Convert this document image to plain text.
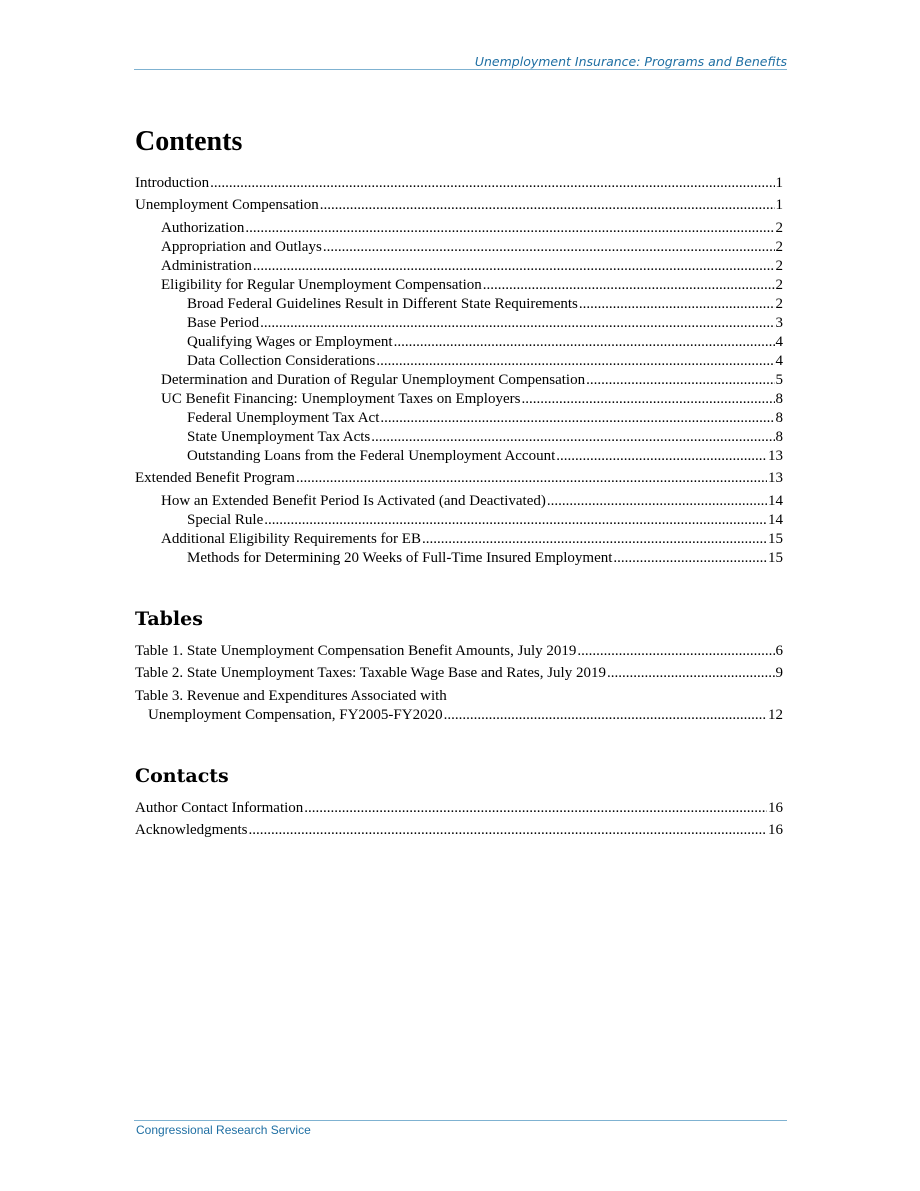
Unemployment Insurance: Programs and Benefits
Contents
Introduction .....	1
Unemployment Compensation .....	1
Authorization .....	2
Appropriation and Outlays .....	2
Administration .....	2
Eligibility for Regular Unemployment Compensation .....	2
Broad Federal Guidelines Result in Different State Requirements .....	2
Base Period .....	3
Qualifying Wages or Employment .....	4
Data Collection Considerations .....	4
Determination and Duration of Regular Unemployment Compensation .....	5
UC Benefit Financing: Unemployment Taxes on Employers .....	8
Federal Unemployment Tax Act .....	8
State Unemployment Tax Acts .....	8
Outstanding Loans from the Federal Unemployment Account .....	13
Extended Benefit Program .....	13
How an Extended Benefit Period Is Activated (and Deactivated) .....	14
Special Rule .....	14
Additional Eligibility Requirements for EB .....	15
Methods for Determining 20 Weeks of Full-Time Insured Employment .....	15
Tables
Table 1. State Unemployment Compensation Benefit Amounts, July 2019 .....	6
Table 2. State Unemployment Taxes: Taxable Wage Base and Rates, July 2019 .....	9
Table 3. Revenue and Expenditures Associated with
Unemployment Compensation, FY2005-FY2020 .....	12
Contacts
Author Contact Information .....	16
Acknowledgments .....	16
Congressional Research Service
